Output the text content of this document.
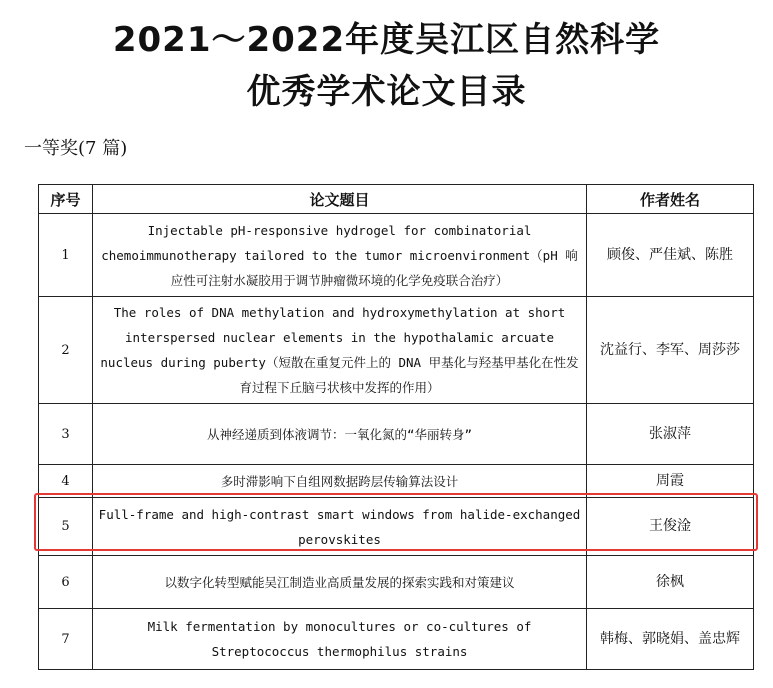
2021～2022年度吴江区自然科学
优秀学术论文目录
一等奖(7 篇)
序号	论文题目	作者姓名
1	Injectable pH-responsive hydrogel for combinatorial chemoimmunotherapy tailored to the tumor microenvironment（pH 响应性可注射水凝胶用于调节肿瘤微环境的化学免疫联合治疗）	顾俊、严佳斌、陈胜
2	The roles of DNA methylation and hydroxymethylation at short interspersed nuclear elements in the hypothalamic arcuate nucleus during puberty（短散在重复元件上的 DNA 甲基化与羟基甲基化在性发育过程下丘脑弓状核中发挥的作用）	沈益行、李军、周莎莎
3	从神经递质到体液调节：一氧化氮的“华丽转身”	张淑萍
4	多时滞影响下自组网数据跨层传输算法设计	周霞
5	Full-frame and high-contrast smart windows from halide-exchanged perovskites	王俊淦
6	以数字化转型赋能吴江制造业高质量发展的探索实践和对策建议	徐枫
7	Milk fermentation by monocultures or co-cultures of Streptococcus thermophilus strains	韩梅、郭晓娟、盖忠辉
